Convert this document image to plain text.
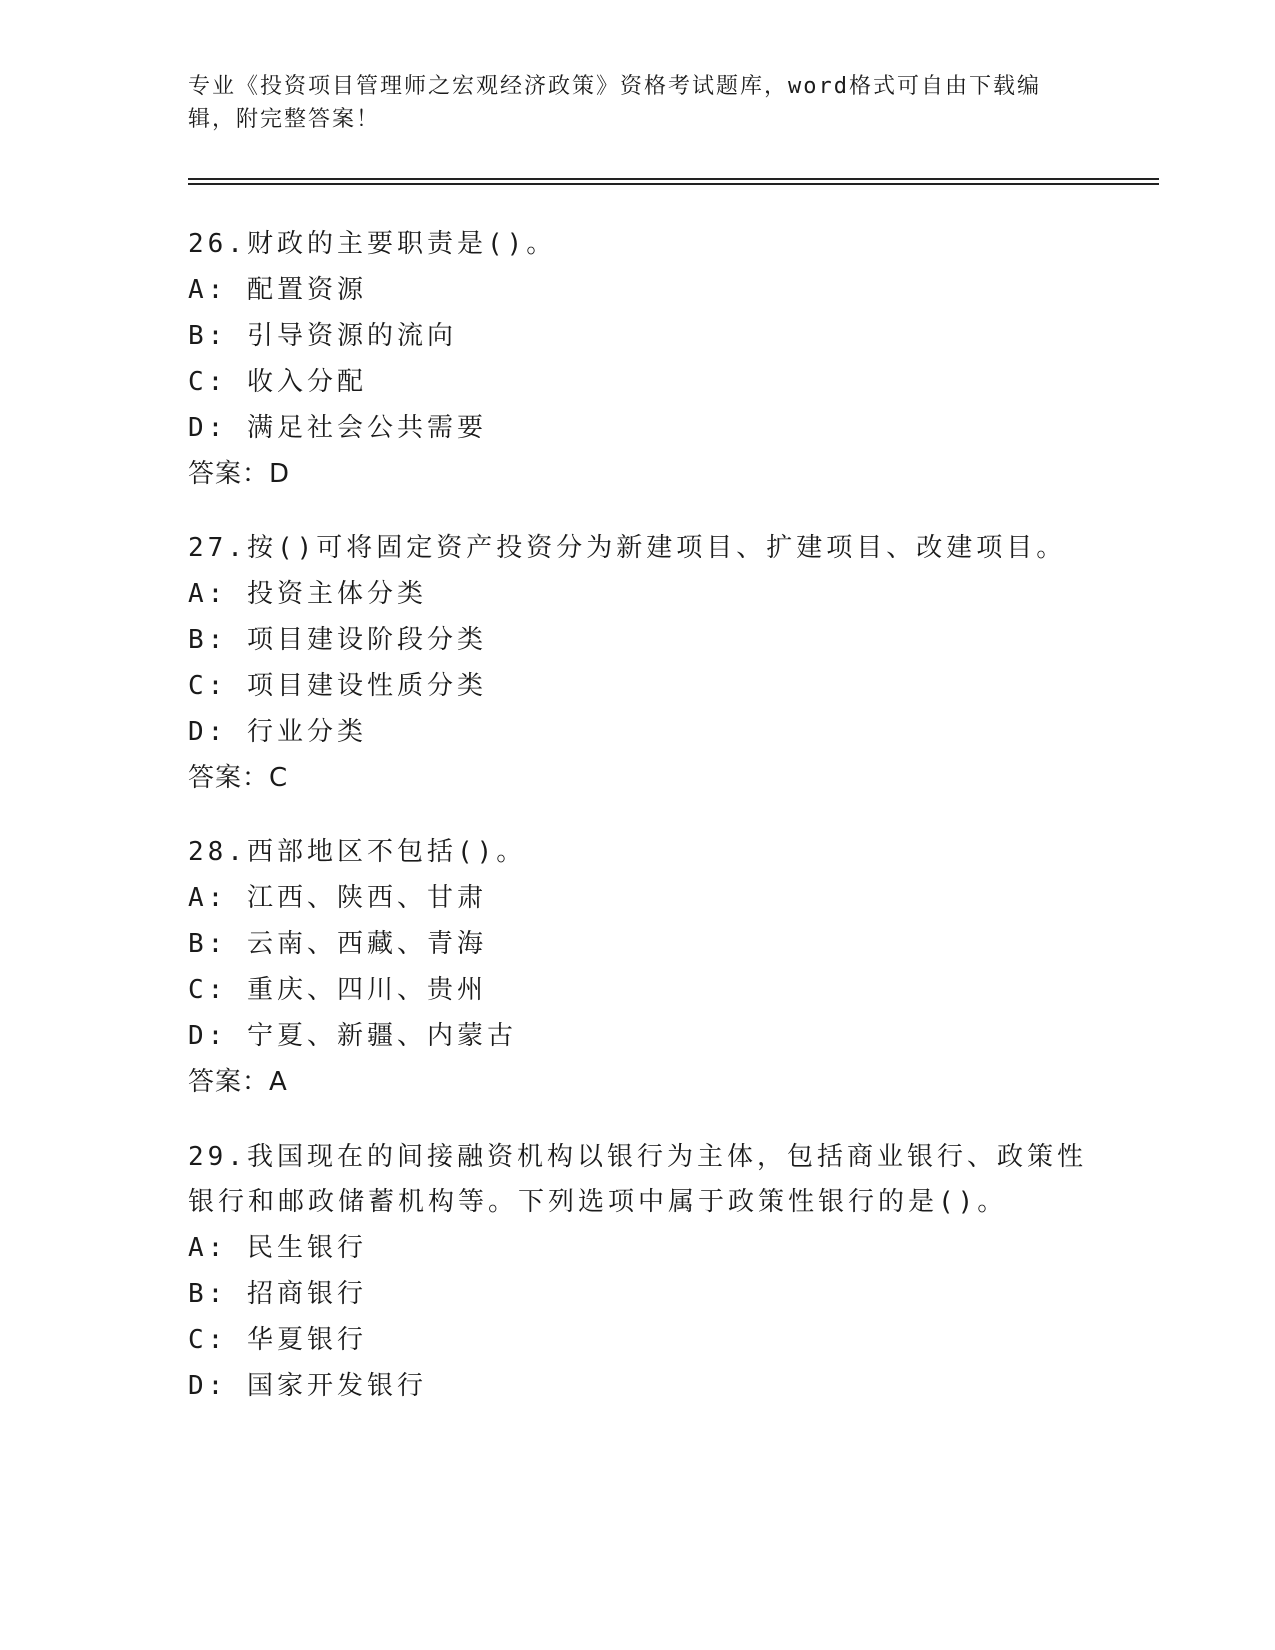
专业《投资项目管理师之宏观经济政策》资格考试题库，word格式可自由下载编辑，附完整答案！

26.财政的主要职责是()。

A: 配置资源
B: 引导资源的流向
C: 收入分配
D: 满足社会公共需要

答案：D

27.按()可将固定资产投资分为新建项目、扩建项目、改建项目。

A: 投资主体分类
B: 项目建设阶段分类
C: 项目建设性质分类
D: 行业分类

答案：C

28.西部地区不包括()。

A: 江西、陕西、甘肃
B: 云南、西藏、青海
C: 重庆、四川、贵州
D: 宁夏、新疆、内蒙古

答案：A

29.我国现在的间接融资机构以银行为主体，包括商业银行、政策性银行和邮政储蓄机构等。下列选项中属于政策性银行的是()。

A: 民生银行
B: 招商银行
C: 华夏银行
D: 国家开发银行
